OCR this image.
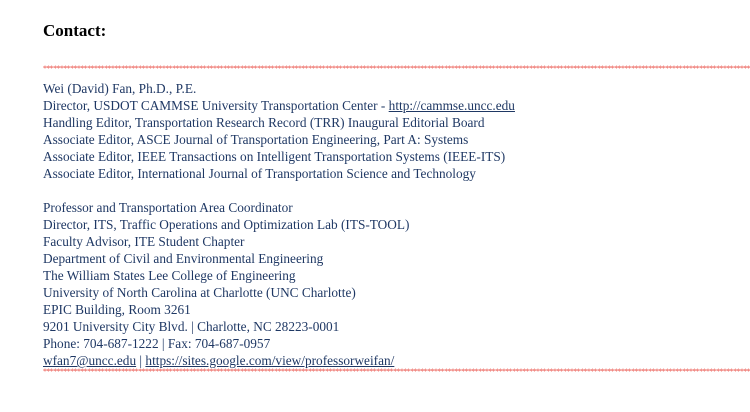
Contact:
****************************************************************************************************************************************************************************************************************
Wei (David) Fan, Ph.D., P.E.
Director, USDOT CAMMSE University Transportation Center - http://cammse.uncc.edu
Handling Editor, Transportation Research Record (TRR) Inaugural Editorial Board
Associate Editor, ASCE Journal of Transportation Engineering, Part A: Systems
Associate Editor, IEEE Transactions on Intelligent Transportation Systems (IEEE-ITS)
Associate Editor, International Journal of Transportation Science and Technology
Professor and Transportation Area Coordinator
Director, ITS, Traffic Operations and Optimization Lab (ITS-TOOL)
Faculty Advisor, ITE Student Chapter
Department of Civil and Environmental Engineering
The William States Lee College of Engineering
University of North Carolina at Charlotte (UNC Charlotte)
EPIC Building, Room 3261
9201 University City Blvd. | Charlotte, NC 28223-0001
Phone: 704-687-1222 | Fax: 704-687-0957
wfan7@uncc.edu | https://sites.google.com/view/professorweifan/
****************************************************************************************************************************************************************************************************************
